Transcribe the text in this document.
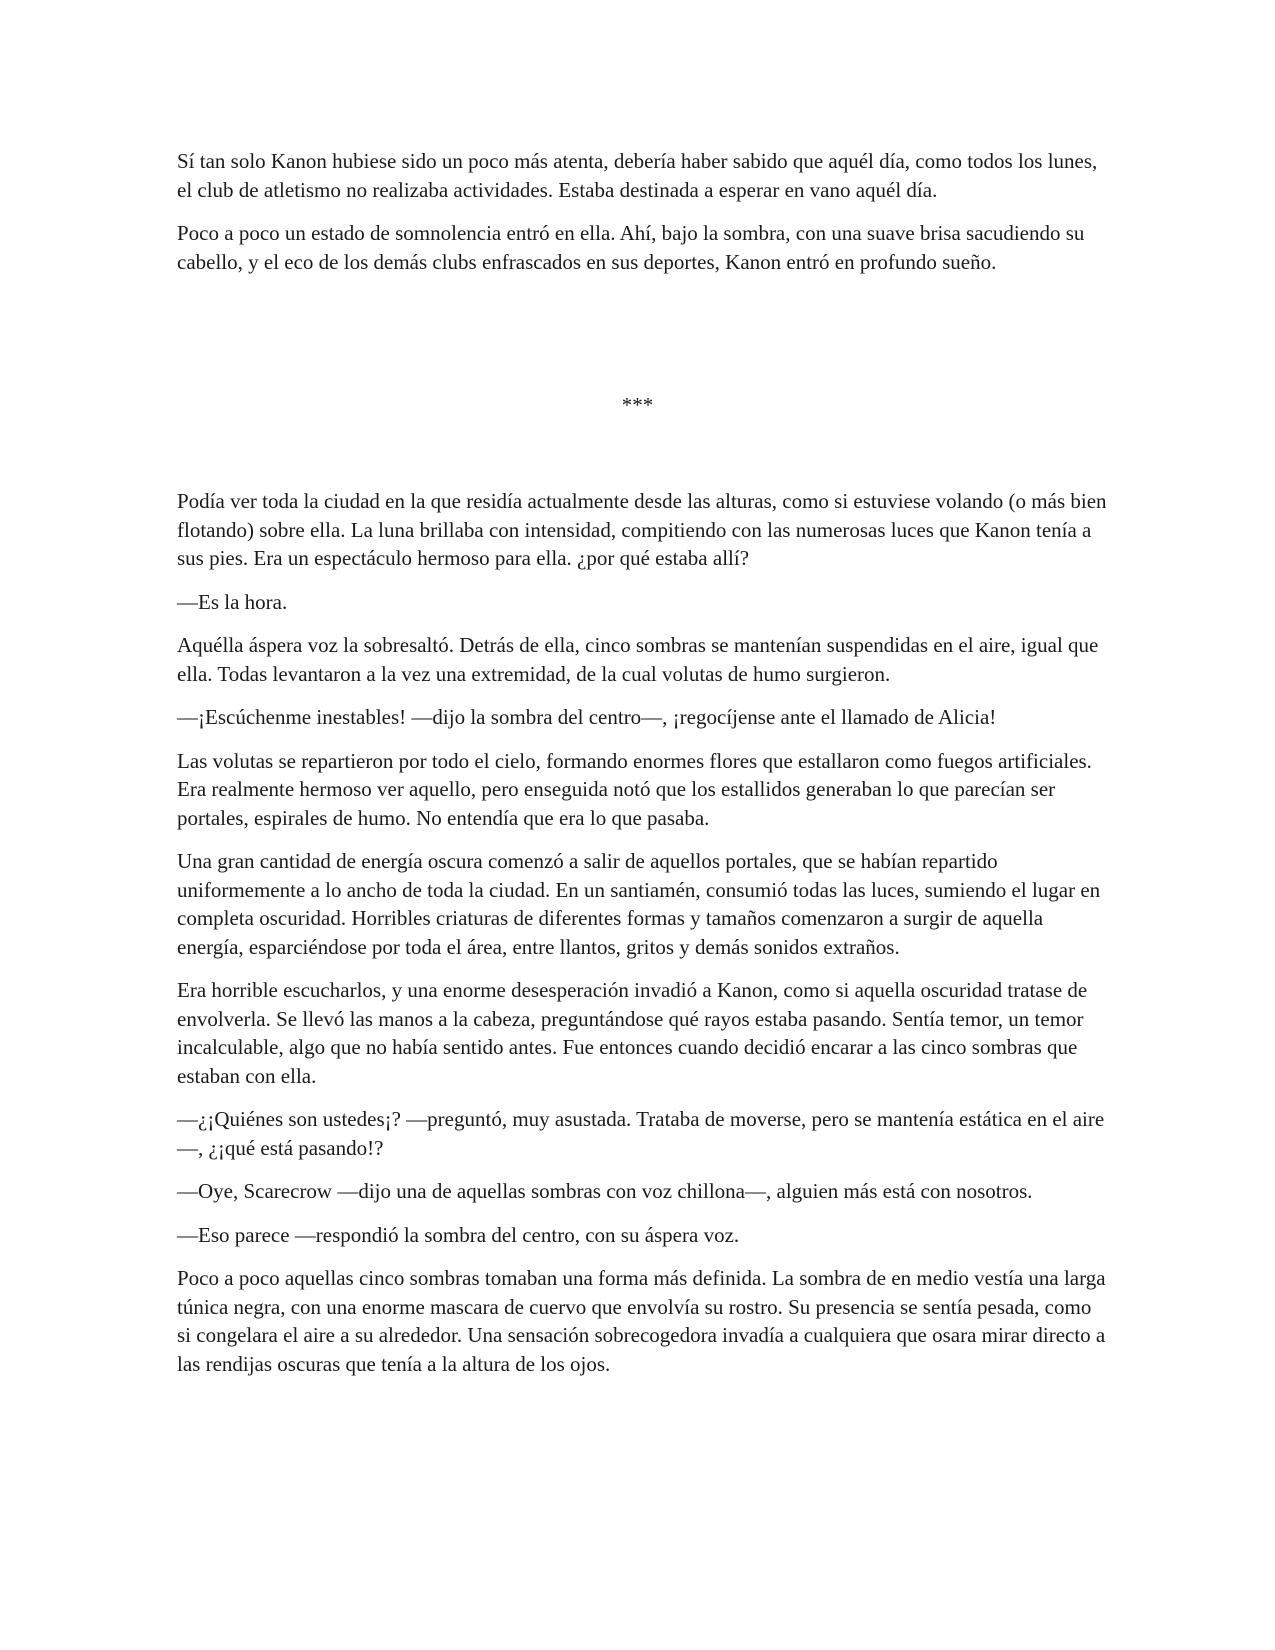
Sí tan solo Kanon hubiese sido un poco más atenta, debería haber sabido que aquél día, como todos los lunes, el club de atletismo no realizaba actividades. Estaba destinada a esperar en vano aquél día.

Poco a poco un estado de somnolencia entró en ella. Ahí, bajo la sombra, con una suave brisa sacudiendo su cabello, y el eco de los demás clubs enfrascados en sus deportes, Kanon entró en profundo sueño.

***

Podía ver toda la ciudad en la que residía actualmente desde las alturas, como si estuviese volando (o más bien flotando) sobre ella. La luna brillaba con intensidad, compitiendo con las numerosas luces que Kanon tenía a sus pies. Era un espectáculo hermoso para ella. ¿por qué estaba allí?

—Es la hora.

Aquélla áspera voz la sobresaltó. Detrás de ella, cinco sombras se mantenían suspendidas en el aire, igual que ella. Todas levantaron a la vez una extremidad, de la cual volutas de humo surgieron.

—¡Escúchenme inestables! —dijo la sombra del centro—, ¡regocíjense ante el llamado de Alicia!

Las volutas se repartieron por todo el cielo, formando enormes flores que estallaron como fuegos artificiales. Era realmente hermoso ver aquello, pero enseguida notó que los estallidos generaban lo que parecían ser portales, espirales de humo. No entendía que era lo que pasaba.

Una gran cantidad de energía oscura comenzó a salir de aquellos portales, que se habían repartido uniformemente a lo ancho de toda la ciudad. En un santiamén, consumió todas las luces, sumiendo el lugar en completa oscuridad. Horribles criaturas de diferentes formas y tamaños comenzaron a surgir de aquella energía, esparciéndose por toda el área, entre llantos, gritos y demás sonidos extraños.

Era horrible escucharlos, y una enorme desesperación invadió a Kanon, como si aquella oscuridad tratase de envolverla. Se llevó las manos a la cabeza, preguntándose qué rayos estaba pasando. Sentía temor, un temor incalculable, algo que no había sentido antes. Fue entonces cuando decidió encarar a las cinco sombras que estaban con ella.

—¿¡Quiénes son ustedes¡? —preguntó, muy asustada. Trataba de moverse, pero se mantenía estática en el aire—, ¿¡qué está pasando!?

—Oye, Scarecrow —dijo una de aquellas sombras con voz chillona—, alguien más está con nosotros.

—Eso parece —respondió la sombra del centro, con su áspera voz.

Poco a poco aquellas cinco sombras tomaban una forma más definida. La sombra de en medio vestía una larga túnica negra, con una enorme mascara de cuervo que envolvía su rostro. Su presencia se sentía pesada, como si congelara el aire a su alrededor. Una sensación sobrecogedora invadía a cualquiera que osara mirar directo a las rendijas oscuras que tenía a la altura de los ojos.
